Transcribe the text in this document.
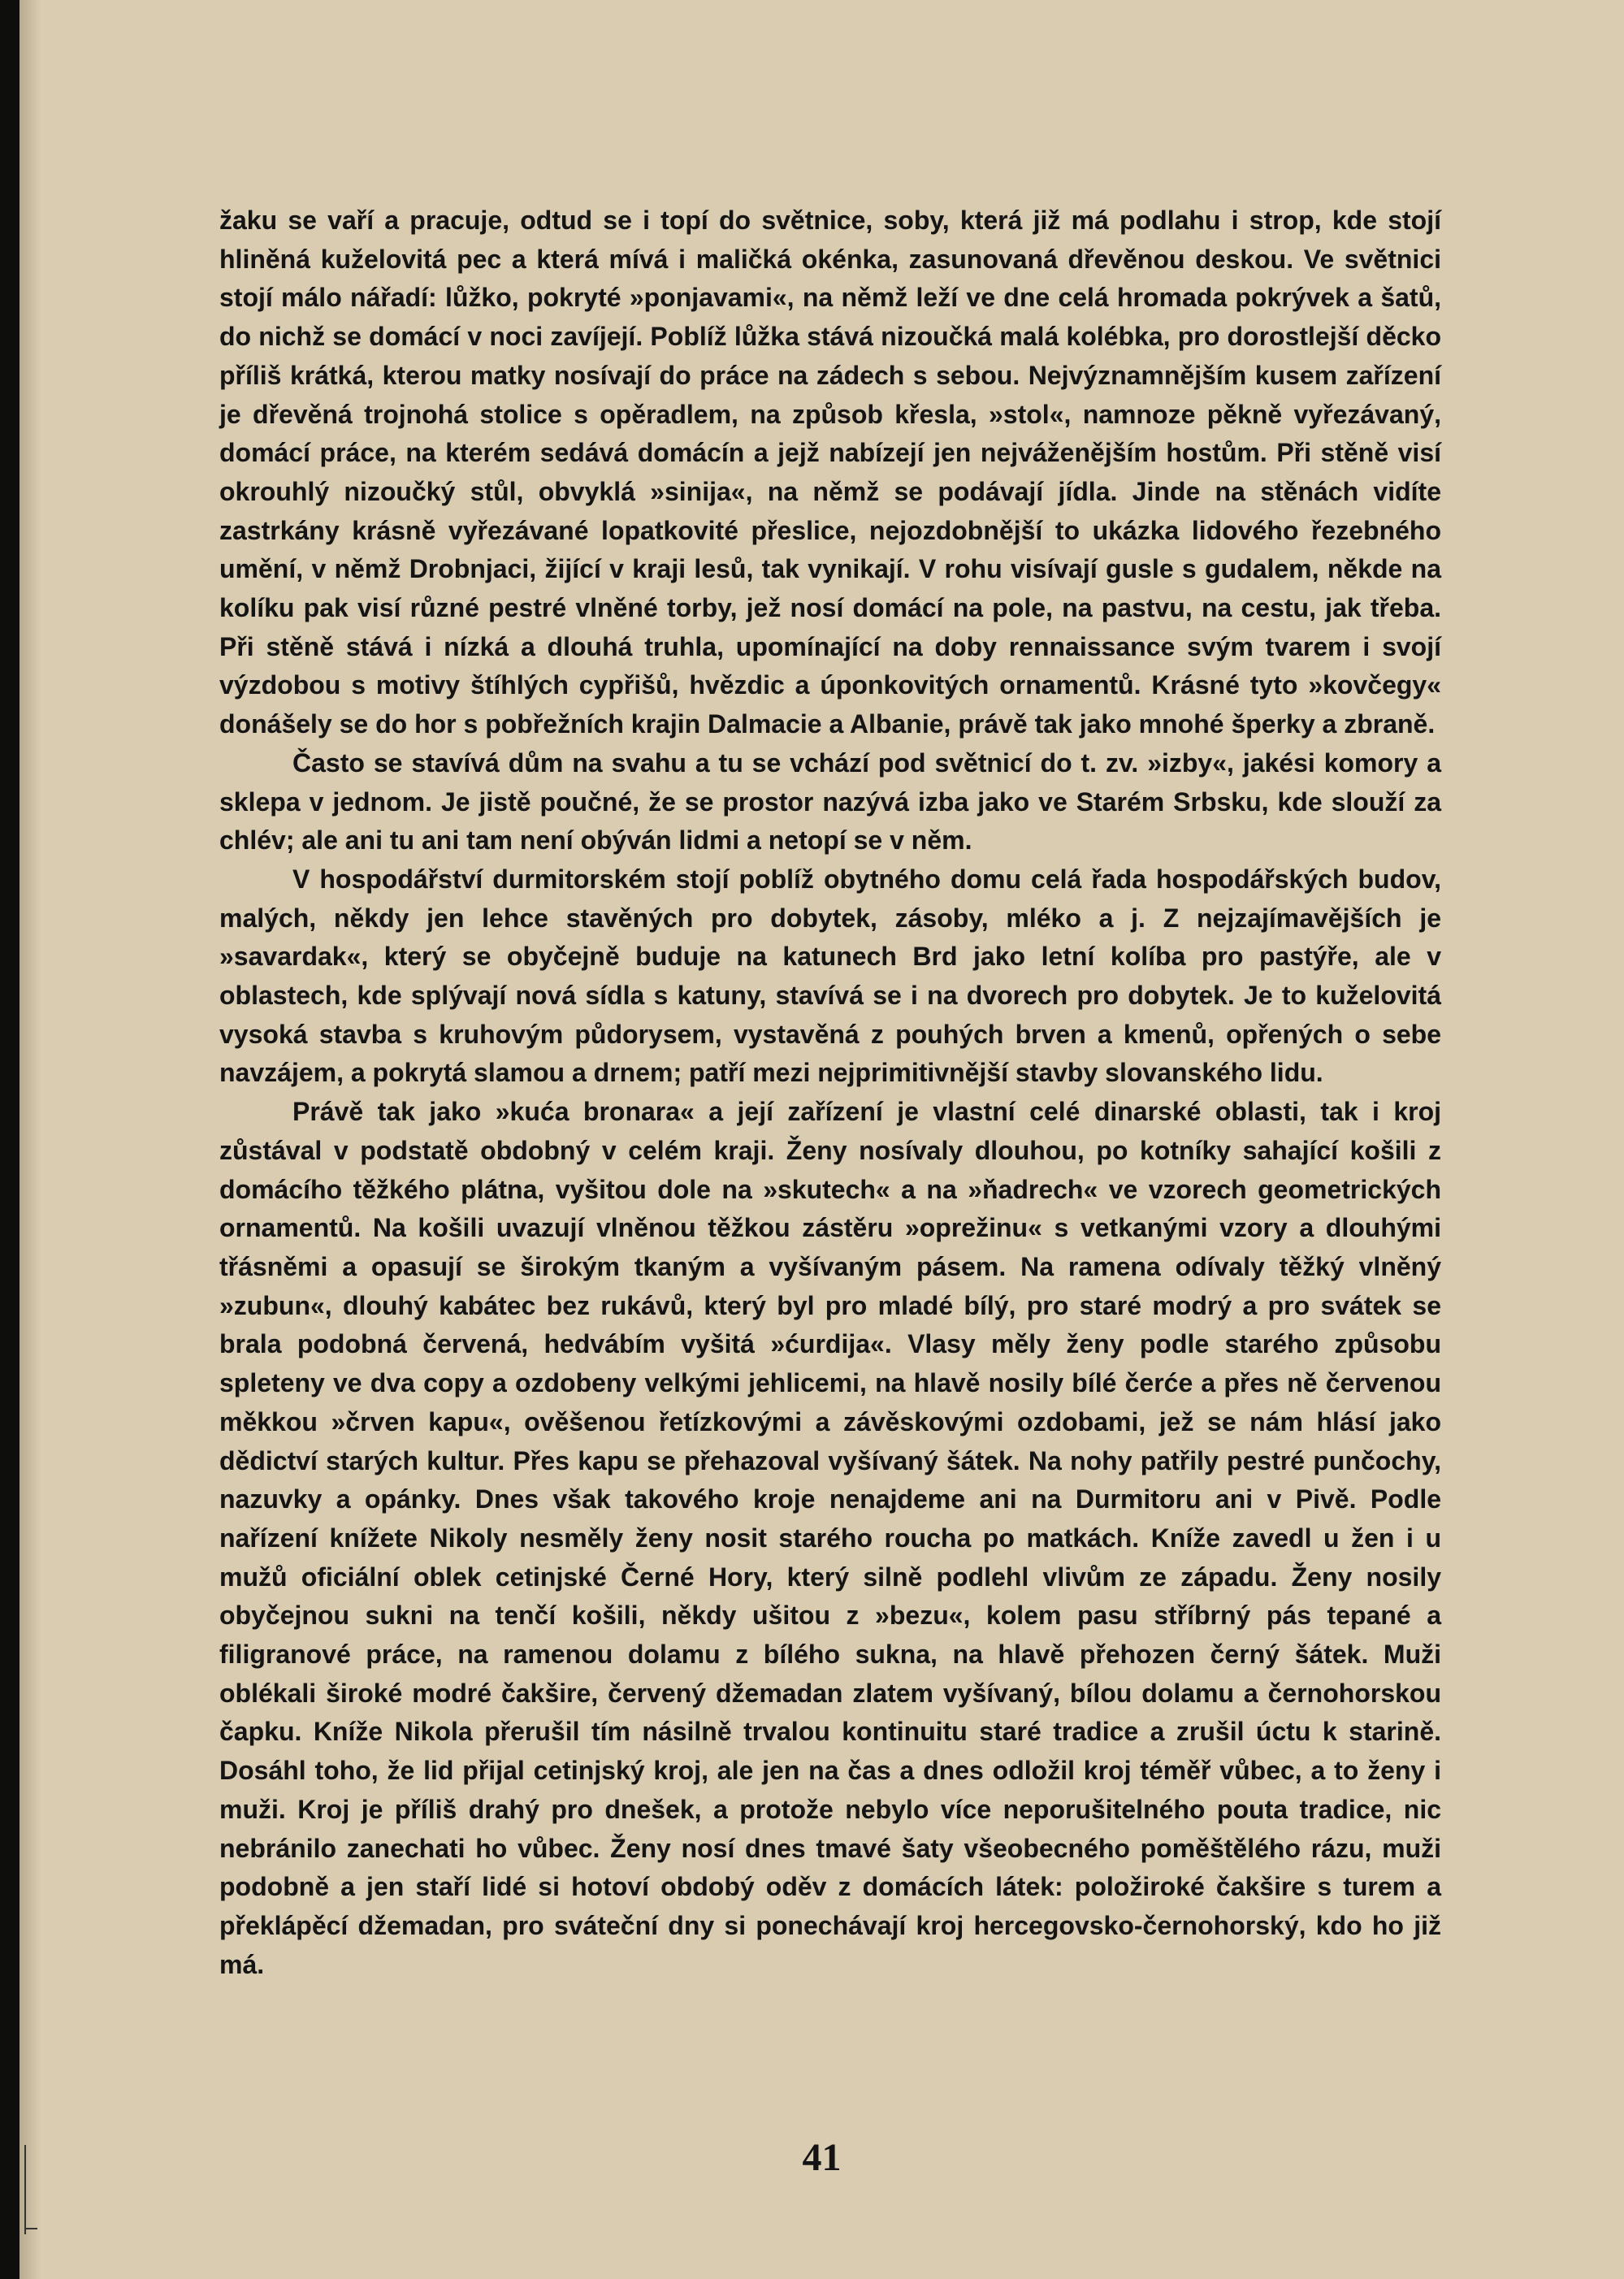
žaku se vaří a pracuje, odtud se i topí do světnice, soby, která již má podlahu i strop, kde stojí hliněná kuželovitá pec a která mívá i maličká okénka, zasunovaná dřevěnou deskou. Ve světnici stojí málo nářadí: lůžko, pokryté »ponjavami«, na němž leží ve dne celá hromada pokrývek a šatů, do nichž se domácí v noci zavíjejí. Poblíž lůžka stává nizoučká malá kolébka, pro dorostlejší děcko příliš krátká, kterou matky nosívají do práce na zádech s sebou. Nejvýznamnějším kusem zařízení je dřevěná trojnohá stolice s opěradlem, na způsob křesla, »stol«, namnoze pěkně vyřezávaný, domácí práce, na kterém sedává domácín a jejž nabízejí jen nejváženějším hostům. Při stěně visí okrouhlý nizoučký stůl, obvyklá »sinija«, na němž se podávají jídla. Jinde na stěnách vidíte zastrkány krásně vyřezávané lopatkovité přeslice, nejozdobnější to ukázka lidového řezebného umění, v němž Drobnjaci, žijící v kraji lesů, tak vynikají. V rohu visívají gusle s gudalem, někde na kolíku pak visí různé pestré vlněné torby, jež nosí domácí na pole, na pastvu, na cestu, jak třeba. Při stěně stává i nízká a dlouhá truhla, upomínající na doby rennaissance svým tvarem i svojí výzdobou s motivy štíhlých cypřišů, hvězdic a úponkovitých ornamentů. Krásné tyto »kovčegy« donášely se do hor s pobřežních krajin Dalmacie a Albanie, právě tak jako mnohé šperky a zbraně.

Často se stavívá dům na svahu a tu se vchází pod světnicí do t. zv. »izby«, jakési komory a sklepa v jednom. Je jistě poučné, že se prostor nazývá izba jako ve Starém Srbsku, kde slouží za chlév; ale ani tu ani tam není obýván lidmi a netopí se v něm.

V hospodářství durmitorském stojí poblíž obytného domu celá řada hospodářských budov, malých, někdy jen lehce stavěných pro dobytek, zásoby, mléko a j. Z nejzajímavějších je »savardak«, který se obyčejně buduje na katunech Brd jako letní kolíba pro pastýře, ale v oblastech, kde splývají nová sídla s katuny, stavívá se i na dvorech pro dobytek. Je to kuželovitá vysoká stavba s kruhovým půdorysem, vystavěná z pouhých brven a kmenů, opřených o sebe navzájem, a pokrytá slamou a drnem; patří mezi nejprimitivnější stavby slovanského lidu.

Právě tak jako »kuća bronara« a její zařízení je vlastní celé dinarské oblasti, tak i kroj zůstával v podstatě obdobný v celém kraji. Ženy nosívaly dlouhou, po kotníky sahající košili z domácího těžkého plátna, vyšitou dole na »skutech« a na »ňadrech« ve vzorech geometrických ornamentů. Na košili uvazují vlněnou těžkou zástěru »oprežinu« s vetkanými vzory a dlouhými třásněmi a opasují se širokým tkaným a vyšívaným pásem. Na ramena odívaly těžký vlněný »zubun«, dlouhý kabátec bez rukávů, který byl pro mladé bílý, pro staré modrý a pro svátek se brala podobná červená, hedvábím vyšitá »ćurdija«. Vlasy měly ženy podle starého způsobu spleteny ve dva copy a ozdobeny velkými jehlicemi, na hlavě nosily bílé čerće a přes ně červenou měkkou »črven kapu«, ověšenou řetízkovými a závěskovými ozdobami, jež se nám hlásí jako dědictví starých kultur. Přes kapu se přehazoval vyšívaný šátek. Na nohy patřily pestré punčochy, nazuvky a opánky. Dnes však takového kroje nenajdeme ani na Durmitoru ani v Pivě. Podle nařízení knížete Nikoly nesměly ženy nosit starého roucha po matkách. Kníže zavedl u žen i u mužů oficiální oblek cetinjské Černé Hory, který silně podlehl vlivům ze západu. Ženy nosily obyčejnou sukni na tenčí košili, někdy ušitou z »bezu«, kolem pasu stříbrný pás tepané a filigranové práce, na ramenou dolamu z bílého sukna, na hlavě přehozen černý šátek. Muži oblékali široké modré čakšire, červený džemadan zlatem vyšívaný, bílou dolamu a černohorskou čapku. Kníže Nikola přerušil tím násilně trvalou kontinuitu staré tradice a zrušil úctu k starině. Dosáhl toho, že lid přijal cetinjský kroj, ale jen na čas a dnes odložil kroj téměř vůbec, a to ženy i muži. Kroj je příliš drahý pro dnešek, a protože nebylo více neporušitelného pouta tradice, nic nebránilo zanechati ho vůbec. Ženy nosí dnes tmavé šaty všeobecného poměštělého rázu, muži podobně a jen staří lidé si hotoví obdobý oděv z domácích látek: položiroké čakšire s turem a překlápěcí džemadan, pro sváteční dny si ponechávají kroj hercegovsko-černohorský, kdo ho již má.

41
